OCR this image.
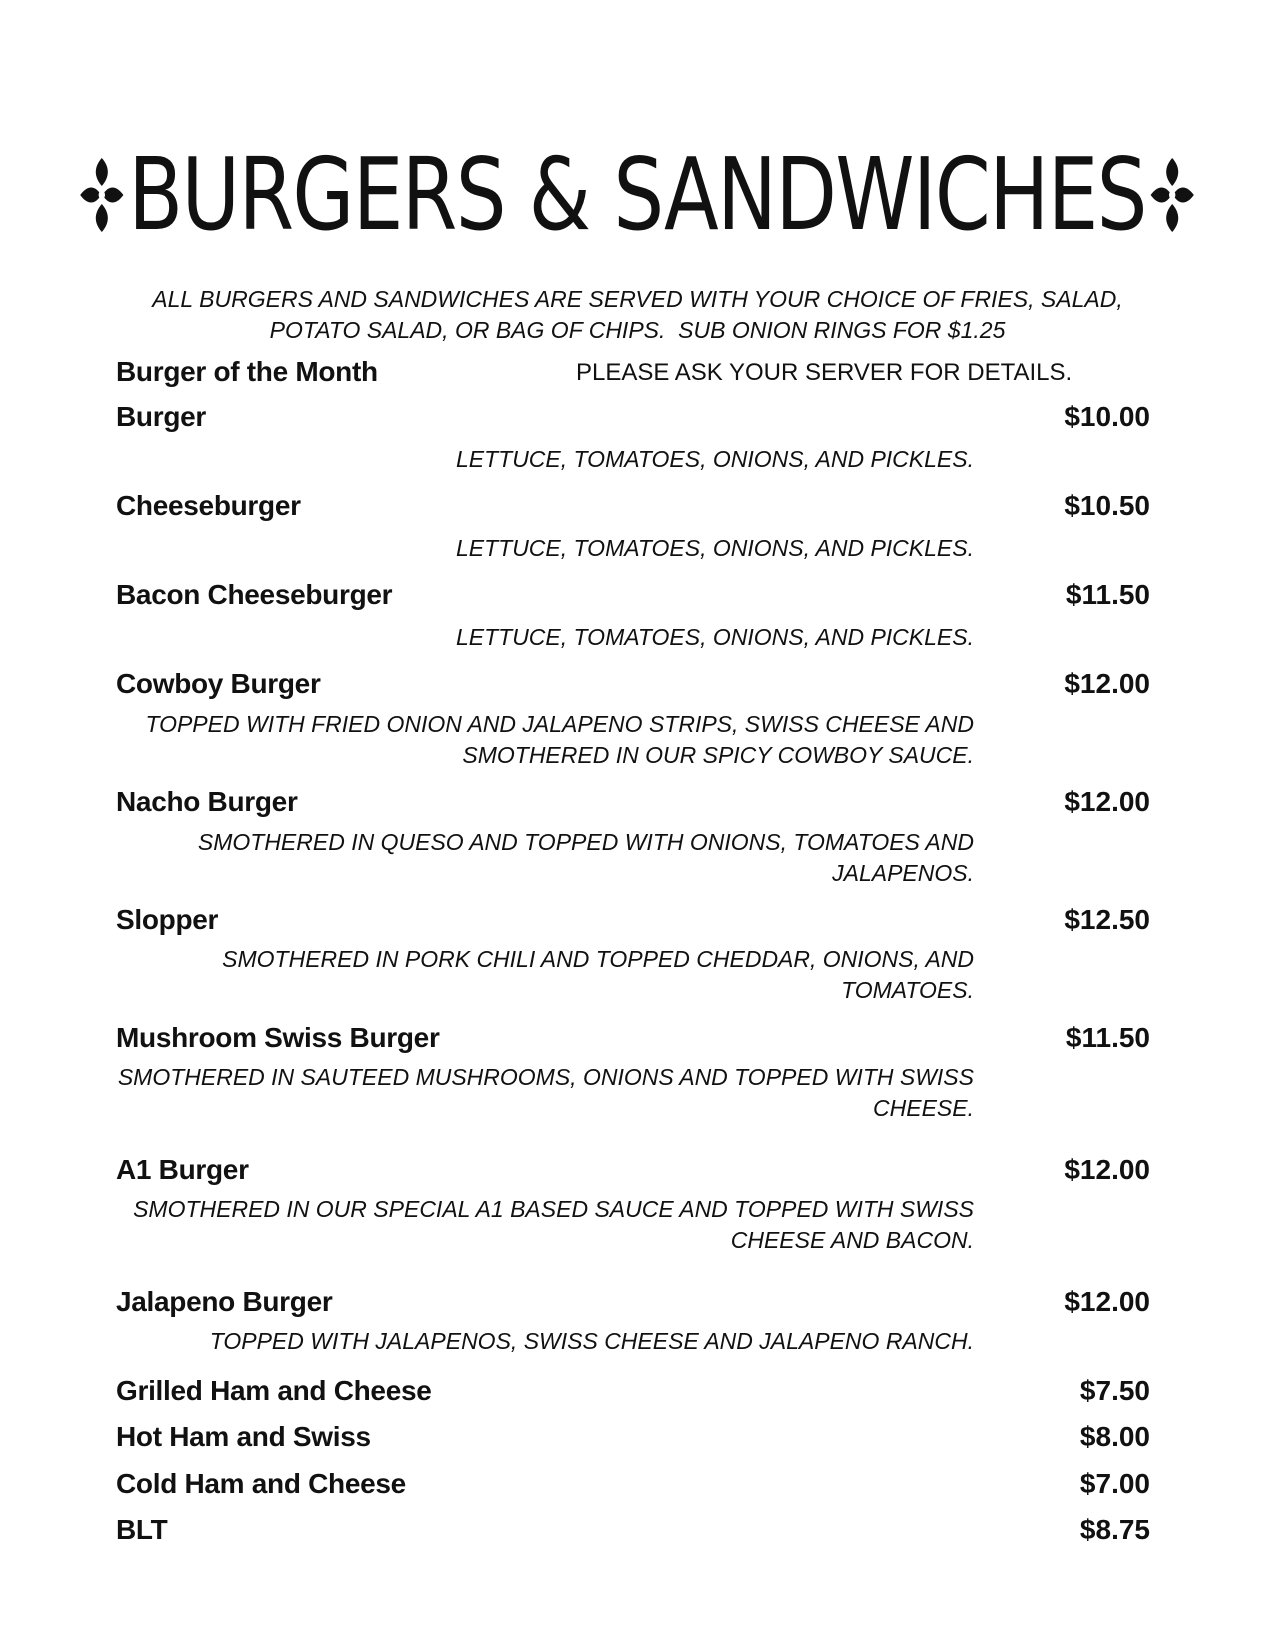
BURGERS & SANDWICHES
ALL BURGERS AND SANDWICHES ARE SERVED WITH YOUR CHOICE OF FRIES, SALAD,
POTATO SALAD, OR BAG OF CHIPS.  SUB ONION RINGS FOR $1.25
Burger of the Month	PLEASE ASK YOUR SERVER FOR DETAILS.
Burger	$10.00
LETTUCE, TOMATOES, ONIONS, AND PICKLES.
Cheeseburger	$10.50
LETTUCE, TOMATOES, ONIONS, AND PICKLES.
Bacon Cheeseburger	$11.50
LETTUCE, TOMATOES, ONIONS, AND PICKLES.
Cowboy Burger	$12.00
TOPPED WITH FRIED ONION AND JALAPENO STRIPS, SWISS CHEESE AND
SMOTHERED IN OUR SPICY COWBOY SAUCE.
Nacho Burger	$12.00
SMOTHERED IN QUESO AND TOPPED WITH ONIONS, TOMATOES AND
JALAPENOS.
Slopper	$12.50
SMOTHERED IN PORK CHILI AND TOPPED CHEDDAR, ONIONS, AND
TOMATOES.
Mushroom Swiss Burger	$11.50
SMOTHERED IN SAUTEED MUSHROOMS, ONIONS AND TOPPED WITH SWISS
CHEESE.
A1 Burger	$12.00
SMOTHERED IN OUR SPECIAL A1 BASED SAUCE AND TOPPED WITH SWISS
CHEESE AND BACON.
Jalapeno Burger	$12.00
TOPPED WITH JALAPENOS, SWISS CHEESE AND JALAPENO RANCH.
Grilled Ham and Cheese	$7.50
Hot Ham and Swiss	$8.00
Cold Ham and Cheese	$7.00
BLT	$8.75
